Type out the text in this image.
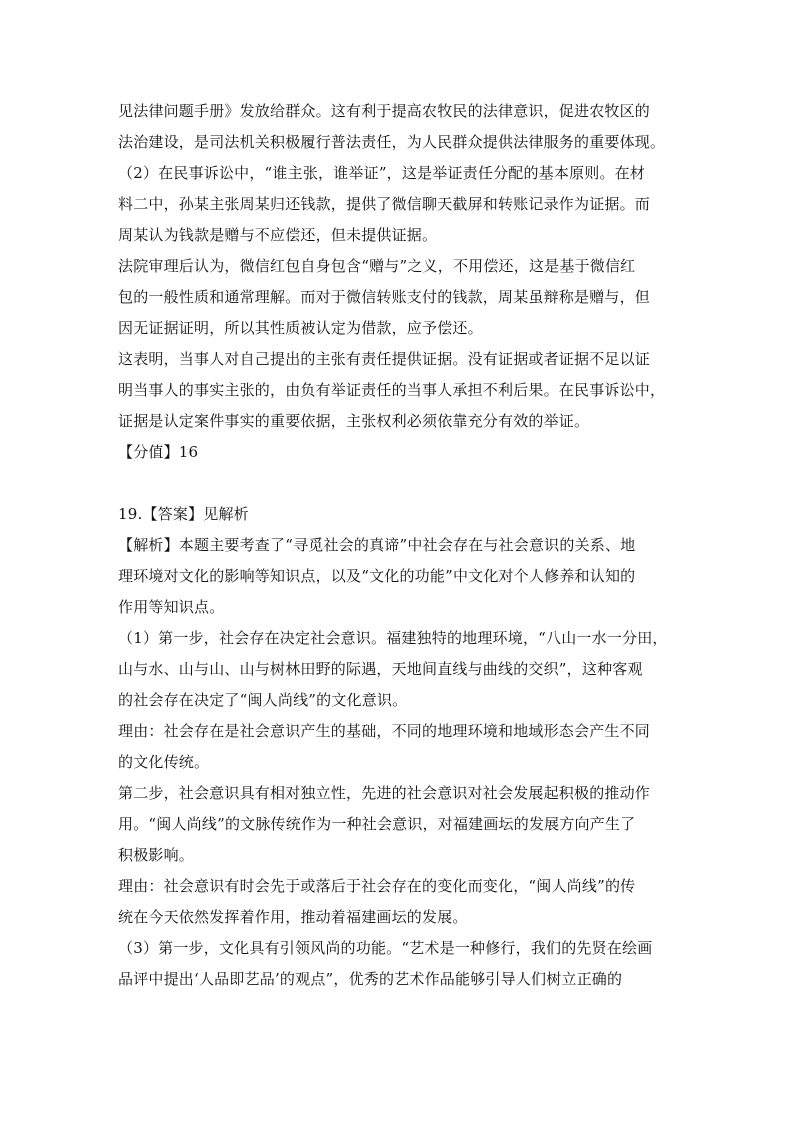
见法律问题手册》发放给群众。这有利于提高农牧民的法律意识，促进农牧区的
法治建设，是司法机关积极履行普法责任，为人民群众提供法律服务的重要体现。
（2）在民事诉讼中，“谁主张，谁举证”，这是举证责任分配的基本原则。在材
料二中，孙某主张周某归还钱款，提供了微信聊天截屏和转账记录作为证据。而
周某认为钱款是赠与不应偿还，但未提供证据。
法院审理后认为，微信红包自身包含“赠与”之义，不用偿还，这是基于微信红
包的一般性质和通常理解。而对于微信转账支付的钱款，周某虽辩称是赠与，但
因无证据证明，所以其性质被认定为借款，应予偿还。
这表明，当事人对自己提出的主张有责任提供证据。没有证据或者证据不足以证
明当事人的事实主张的，由负有举证责任的当事人承担不利后果。在民事诉讼中，
证据是认定案件事实的重要依据，主张权利必须依靠充分有效的举证。
【分值】16
19.【答案】见解析
【解析】本题主要考查了“寻觅社会的真谛”中社会存在与社会意识的关系、地
理环境对文化的影响等知识点，以及“文化的功能”中文化对个人修养和认知的
作用等知识点。
（1）第一步，社会存在决定社会意识。福建独特的地理环境，“八山一水一分田，
山与水、山与山、山与树林田野的际遇，天地间直线与曲线的交织”，这种客观
的社会存在决定了“闽人尚线”的文化意识。
理由：社会存在是社会意识产生的基础，不同的地理环境和地域形态会产生不同
的文化传统。
第二步，社会意识具有相对独立性，先进的社会意识对社会发展起积极的推动作
用。“闽人尚线”的文脉传统作为一种社会意识，对福建画坛的发展方向产生了
积极影响。
理由：社会意识有时会先于或落后于社会存在的变化而变化，“闽人尚线”的传
统在今天依然发挥着作用，推动着福建画坛的发展。
（3）第一步，文化具有引领风尚的功能。“艺术是一种修行，我们的先贤在绘画
品评中提出‘人品即艺品’的观点”，优秀的艺术作品能够引导人们树立正确的
